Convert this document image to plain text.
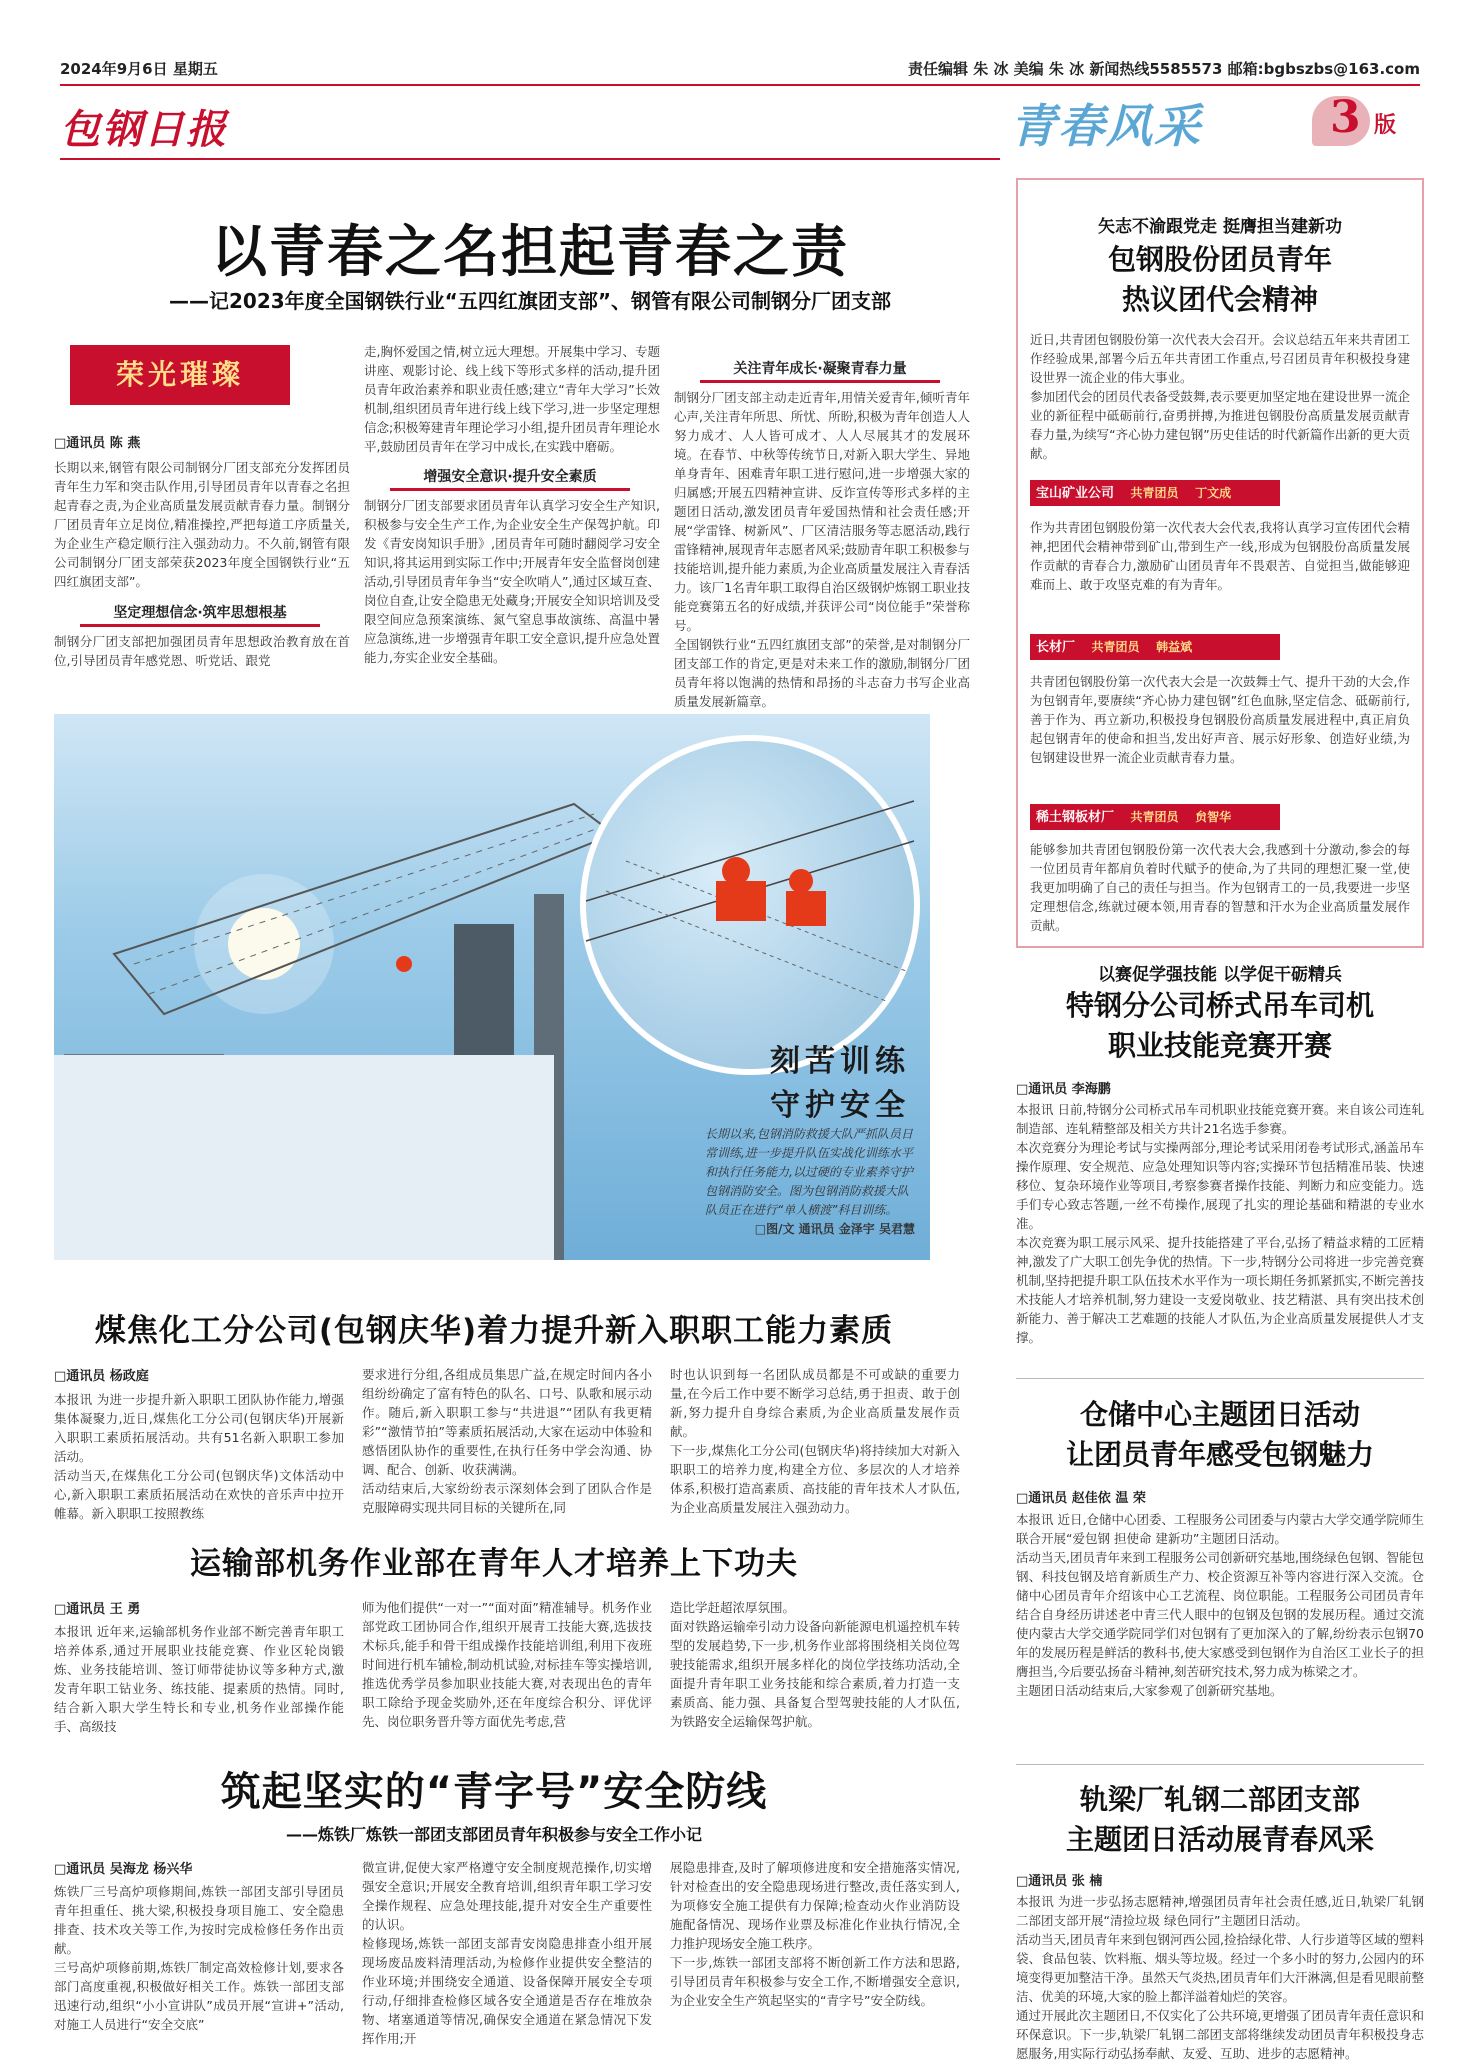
2024年9月6日 星期五	责任编辑 朱 冰 美编 朱 冰 新闻热线5585573 邮箱:bgbszbs@163.com
包钢日报	青春风采	3 版
以青春之名担起青春之责
——记2023年度全国钢铁行业“五四红旗团支部”、钢管有限公司制钢分厂团支部
荣光璀璨
□通讯员 陈 燕
长期以来,钢管有限公司制钢分厂团支部充分发挥团员青年生力军和突击队作用,引导团员青年以青春之名担起青春之责,为企业高质量发展贡献青春力量。制钢分厂团员青年立足岗位,精准操控,严把每道工序质量关,为企业生产稳定顺行注入强劲动力。不久前,钢管有限公司制钢分厂团支部荣获2023年度全国钢铁行业“五四红旗团支部”。
坚定理想信念·筑牢思想根基
制钢分厂团支部把加强团员青年思想政治教育放在首位,引导团员青年感党恩、听党话、跟党
走,胸怀爱国之情,树立远大理想。开展集中学习、专题讲座、观影讨论、线上线下等形式多样的活动,提升团员青年政治素养和职业责任感;建立“青年大学习”长效机制,组织团员青年进行线上线下学习,进一步坚定理想信念;积极筹建青年理论学习小组,提升团员青年理论水平,鼓励团员青年在学习中成长,在实践中磨砺。
增强安全意识·提升安全素质
制钢分厂团支部要求团员青年认真学习安全生产知识,积极参与安全生产工作,为企业安全生产保驾护航。印发《青安岗知识手册》,团员青年可随时翻阅学习安全知识,将其运用到实际工作中;开展青年安全监督岗创建活动,引导团员青年争当“安全吹哨人”,通过区域互查、岗位自查,让安全隐患无处藏身;开展安全知识培训及受限空间应急预案演练、氮气窒息事故演练、高温中暑应急演练,进一步增强青年职工安全意识,提升应急处置能力,夯实企业安全基础。
关注青年成长·凝聚青春力量
制钢分厂团支部主动走近青年,用情关爱青年,倾听青年心声,关注青年所思、所忧、所盼,积极为青年创造人人努力成才、人人皆可成才、人人尽展其才的发展环境。在春节、中秋等传统节日,对新入职大学生、异地单身青年、困难青年职工进行慰问,进一步增强大家的归属感;开展五四精神宣讲、反诈宣传等形式多样的主题团日活动,激发团员青年爱国热情和社会责任感;开展“学雷锋、树新风”、厂区清洁服务等志愿活动,践行雷锋精神,展现青年志愿者风采;鼓励青年职工积极参与技能培训,提升能力素质,为企业高质量发展注入青春活力。该厂1名青年职工取得自治区级钢炉炼钢工职业技能竞赛第五名的好成绩,并获评公司“岗位能手”荣誉称号。
全国钢铁行业“五四红旗团支部”的荣誉,是对制钢分厂团支部工作的肯定,更是对未来工作的激励,制钢分厂团员青年将以饱满的热情和昂扬的斗志奋力书写企业高质量发展新篇章。
刻苦训练
守护安全
长期以来,包钢消防救援大队严抓队员日常训练,进一步提升队伍实战化训练水平和执行任务能力,以过硬的专业素养守护包钢消防安全。图为包钢消防救援大队队员正在进行“单人横渡”科目训练。
□图/文 通讯员 金泽宇 吴君慧
煤焦化工分公司(包钢庆华)着力提升新入职职工能力素质
□通讯员 杨政庭
本报讯 为进一步提升新入职职工团队协作能力,增强集体凝聚力,近日,煤焦化工分公司(包钢庆华)开展新入职职工素质拓展活动。共有51名新入职职工参加活动。
活动当天,在煤焦化工分公司(包钢庆华)文体活动中心,新入职职工素质拓展活动在欢快的音乐声中拉开帷幕。新入职职工按照教练
要求进行分组,各组成员集思广益,在规定时间内各小组纷纷确定了富有特色的队名、口号、队歌和展示动作。随后,新入职职工参与“共进退”“团队有我更精彩”“激情节拍”等素质拓展活动,大家在运动中体验和感悟团队协作的重要性,在执行任务中学会沟通、协调、配合、创新、收获满满。
活动结束后,大家纷纷表示深刻体会到了团队合作是克服障碍实现共同目标的关键所在,同
时也认识到每一名团队成员都是不可或缺的重要力量,在今后工作中要不断学习总结,勇于担责、敢于创新,努力提升自身综合素质,为企业高质量发展作贡献。
下一步,煤焦化工分公司(包钢庆华)将持续加大对新入职职工的培养力度,构建全方位、多层次的人才培养体系,积极打造高素质、高技能的青年技术人才队伍,为企业高质量发展注入强劲动力。
运输部机务作业部在青年人才培养上下功夫
□通讯员 王 勇
本报讯 近年来,运输部机务作业部不断完善青年职工培养体系,通过开展职业技能竞赛、作业区轮岗锻炼、业务技能培训、签订师带徒协议等多种方式,激发青年职工钻业务、练技能、提素质的热情。同时,结合新入职大学生特长和专业,机务作业部操作能手、高级技
师为他们提供“一对一”“面对面”精准辅导。机务作业部党政工团协同合作,组织开展青工技能大赛,选拔技术标兵,能手和骨干组成操作技能培训组,利用下夜班时间进行机车铺检,制动机试验,对标挂车等实操培训,推选优秀学员参加职业技能大赛,对表现出色的青年职工除给予现金奖励外,还在年度综合积分、评优评先、岗位职务晋升等方面优先考虑,营
造比学赶超浓厚氛围。
面对铁路运输牵引动力设备向新能源电机遥控机车转型的发展趋势,下一步,机务作业部将围绕相关岗位驾驶技能需求,组织开展多样化的岗位学技练功活动,全面提升青年职工业务技能和综合素质,着力打造一支素质高、能力强、具备复合型驾驶技能的人才队伍,为铁路安全运输保驾护航。
筑起坚实的“青字号”安全防线
——炼铁厂炼铁一部团支部团员青年积极参与安全工作小记
□通讯员 吴海龙 杨兴华
炼铁厂三号高炉项修期间,炼铁一部团支部引导团员青年担重任、挑大梁,积极投身项目施工、安全隐患排查、技术攻关等工作,为按时完成检修任务作出贡献。
三号高炉项修前期,炼铁厂制定高效检修计划,要求各部门高度重视,积极做好相关工作。炼铁一部团支部迅速行动,组织“小小宣讲队”成员开展“宣讲+”活动,对施工人员进行“安全交底”
微宣讲,促使大家严格遵守安全制度规范操作,切实增强安全意识;开展安全教育培训,组织青年职工学习安全操作规程、应急处理技能,提升对安全生产重要性的认识。
检修现场,炼铁一部团支部青安岗隐患排查小组开展现场废品废料清理活动,为检修作业提供安全整洁的作业环境;并围绕安全通道、设备保障开展安全专项行动,仔细排查检修区域各安全通道是否存在堆放杂物、堵塞通道等情况,确保安全通道在紧急情况下发挥作用;开
展隐患排查,及时了解项修进度和安全措施落实情况,针对检查出的安全隐患现场进行整改,责任落实到人,为项修安全施工提供有力保障;检查动火作业消防设施配备情况、现场作业票及标准化作业执行情况,全力推护现场安全施工秩序。
下一步,炼铁一部团支部将不断创新工作方法和思路,引导团员青年积极参与安全工作,不断增强安全意识,为企业安全生产筑起坚实的“青字号”安全防线。
矢志不渝跟党走 挺膺担当建新功
包钢股份团员青年
热议团代会精神
近日,共青团包钢股份第一次代表大会召开。会议总结五年来共青团工作经验成果,部署今后五年共青团工作重点,号召团员青年积极投身建设世界一流企业的伟大事业。
参加团代会的团员代表备受鼓舞,表示要更加坚定地在建设世界一流企业的新征程中砥砺前行,奋勇拼搏,为推进包钢股份高质量发展贡献青春力量,为续写“齐心协力建包钢”历史佳话的时代新篇作出新的更大贡献。
宝山矿业公司 共青团员 丁文成
作为共青团包钢股份第一次代表大会代表,我将认真学习宣传团代会精神,把团代会精神带到矿山,带到生产一线,形成为包钢股份高质量发展作贡献的青春合力,激励矿山团员青年不畏艰苦、自觉担当,做能够迎难而上、敢于攻坚克难的有为青年。
长材厂 共青团员 韩益斌
共青团包钢股份第一次代表大会是一次鼓舞士气、提升干劲的大会,作为包钢青年,要赓续“齐心协力建包钢”红色血脉,坚定信念、砥砺前行,善于作为、再立新功,积极投身包钢股份高质量发展进程中,真正肩负起包钢青年的使命和担当,发出好声音、展示好形象、创造好业绩,为包钢建设世界一流企业贡献青春力量。
稀土钢板材厂 共青团员 贠智华
能够参加共青团包钢股份第一次代表大会,我感到十分激动,参会的每一位团员青年都肩负着时代赋予的使命,为了共同的理想汇聚一堂,使我更加明确了自己的责任与担当。作为包钢青工的一员,我要进一步坚定理想信念,练就过硬本领,用青春的智慧和汗水为企业高质量发展作贡献。
以赛促学强技能 以学促干砺精兵
特钢分公司桥式吊车司机
职业技能竞赛开赛
□通讯员 李海鹏
本报讯 日前,特钢分公司桥式吊车司机职业技能竞赛开赛。来自该公司连轧制造部、连轧精整部及相关方共计21名选手参赛。
本次竞赛分为理论考试与实操两部分,理论考试采用闭卷考试形式,涵盖吊车操作原理、安全规范、应急处理知识等内容;实操环节包括精准吊装、快速移位、复杂环境作业等项目,考察参赛者操作技能、判断力和应变能力。选手们专心致志答题,一丝不苟操作,展现了扎实的理论基础和精湛的专业水准。
本次竞赛为职工展示风采、提升技能搭建了平台,弘扬了精益求精的工匠精神,激发了广大职工创先争优的热情。下一步,特钢分公司将进一步完善竞赛机制,坚持把提升职工队伍技术水平作为一项长期任务抓紧抓实,不断完善技术技能人才培养机制,努力建设一支爱岗敬业、技艺精湛、具有突出技术创新能力、善于解决工艺难题的技能人才队伍,为企业高质量发展提供人才支撑。
仓储中心主题团日活动
让团员青年感受包钢魅力
□通讯员 赵佳依 温 荣
本报讯 近日,仓储中心团委、工程服务公司团委与内蒙古大学交通学院师生联合开展“爱包钢 担使命 建新功”主题团日活动。
活动当天,团员青年来到工程服务公司创新研究基地,围绕绿色包钢、智能包钢、科技包钢及培育新质生产力、校企资源互补等内容进行深入交流。仓储中心团员青年介绍该中心工艺流程、岗位职能。工程服务公司团员青年结合自身经历讲述老中青三代人眼中的包钢及包钢的发展历程。通过交流使内蒙古大学交通学院同学们对包钢有了更加深入的了解,纷纷表示包钢70年的发展历程是鲜活的教科书,使大家感受到包钢作为自治区工业长子的担膺担当,今后要弘扬奋斗精神,刻苦研究技术,努力成为栋梁之才。
主题团日活动结束后,大家参观了创新研究基地。
轨梁厂轧钢二部团支部
主题团日活动展青春风采
□通讯员 张 楠
本报讯 为进一步弘扬志愿精神,增强团员青年社会责任感,近日,轨梁厂轧钢二部团支部开展“清捡垃圾 绿色同行”主题团日活动。
活动当天,团员青年来到包钢河西公园,捡拾绿化带、人行步道等区域的塑料袋、食品包装、饮料瓶、烟头等垃圾。经过一个多小时的努力,公园内的环境变得更加整洁干净。虽然天气炎热,团员青年们大汗淋漓,但是看见眼前整洁、优美的环境,大家的脸上都洋溢着灿烂的笑容。
通过开展此次主题团日,不仅实化了公共环境,更增强了团员青年责任意识和环保意识。下一步,轨梁厂轧钢二部团支部将继续发动团员青年积极投身志愿服务,用实际行动弘扬奉献、友爱、互助、进步的志愿精神。
